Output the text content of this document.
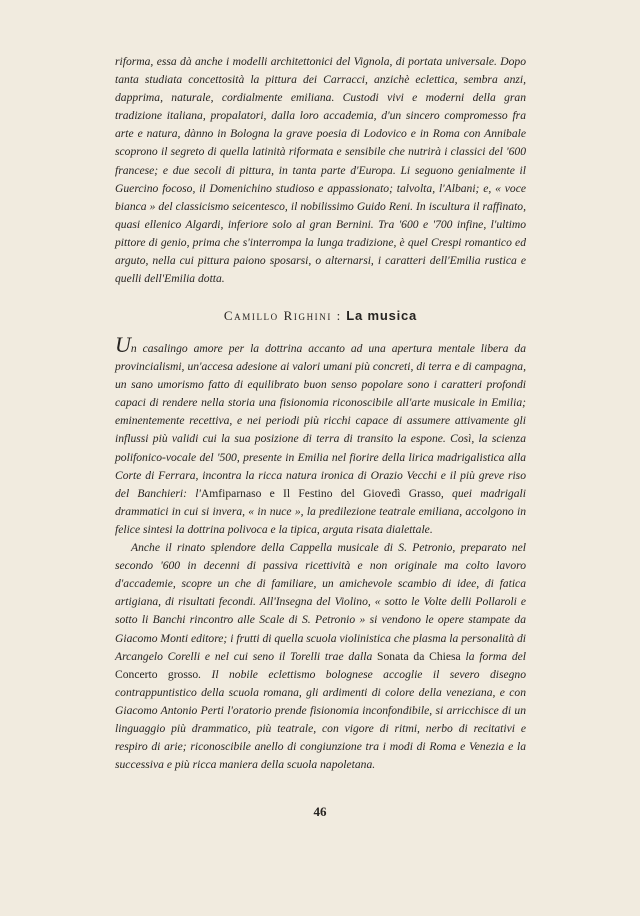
riforma, essa dà anche i modelli architettonici del Vignola, di portata universale. Dopo tanta studiata concettosità la pittura dei Carracci, anzichè eclettica, sembra anzi, dapprima, naturale, cordialmente emiliana. Custodi vivi e moderni della gran tradizione italiana, propalatori, dalla loro accademia, d'un sincero compromesso fra arte e natura, dànno in Bologna la grave poesia di Lodovico e in Roma con Annibale scoprono il segreto di quella latinità riformata e sensibile che nutrirà i classici del '600 francese; e due secoli di pittura, in tanta parte d'Europa. Li seguono genialmente il Guercino focoso, il Domenichino studioso e appassionato; talvolta, l'Albani; e, « voce bianca » del classicismo seicentesco, il nobilissimo Guido Reni. In iscultura il raffinato, quasi ellenico Algardi, inferiore solo al gran Bernini. Tra '600 e '700 infine, l'ultimo pittore di genio, prima che s'interrompa la lunga tradizione, è quel Crespi romantico ed arguto, nella cui pittura paiono sposarsi, o alternarsi, i caratteri dell'Emilia rustica e quelli dell'Emilia dotta.

Camillo Righini : La musica

Un casalingo amore per la dottrina accanto ad una apertura mentale libera da provincialismi, un'accesa adesione ai valori umani più concreti, di terra e di campagna, un sano umorismo fatto di equilibrato buon senso popolare sono i caratteri profondi capaci di rendere nella storia una fisionomia riconoscibile all'arte musicale in Emilia; eminentemente recettiva, e nei periodi più ricchi capace di assumere attivamente gli influssi più validi cui la sua posizione di terra di transito la espone. Così, la scienza polifonico-vocale del '500, presente in Emilia nel fiorire della lirica madrigalistica alla Corte di Ferrara, incontra la ricca natura ironica di Orazio Vecchi e il più greve riso del Banchieri: l'Amfiparnaso e Il Festino del Giovedì Grasso, quei madrigali drammatici in cui si invera, « in nuce », la predilezione teatrale emiliana, accolgono in felice sintesi la dottrina polivoca e la tipica, arguta risata dialettale.

Anche il rinato splendore della Cappella musicale di S. Petronio, preparato nel secondo '600 in decenni di passiva ricettività e non originale ma colto lavoro d'accademie, scopre un che di familiare, un amichevole scambio di idee, di fatica artigiana, di risultati fecondi. All'Insegna del Violino, « sotto le Volte delli Pollaroli e sotto li Banchi rincontro alle Scale di S. Petronio » si vendono le opere stampate da Giacomo Monti editore; i frutti di quella scuola violinistica che plasma la personalità di Arcangelo Corelli e nel cui seno il Torelli trae dalla Sonata da Chiesa la forma del Concerto grosso. Il nobile eclettismo bolognese accoglie il severo disegno contrappuntistico della scuola romana, gli ardimenti di colore della veneziana, e con Giacomo Antonio Perti l'oratorio prende fisionomia inconfondibile, si arricchisce di un linguaggio più drammatico, più teatrale, con vigore di ritmi, nerbo di recitativi e respiro di arie; riconoscibile anello di congiunzione tra i modi di Roma e Venezia e la successiva e più ricca maniera della scuola napoletana.

46
